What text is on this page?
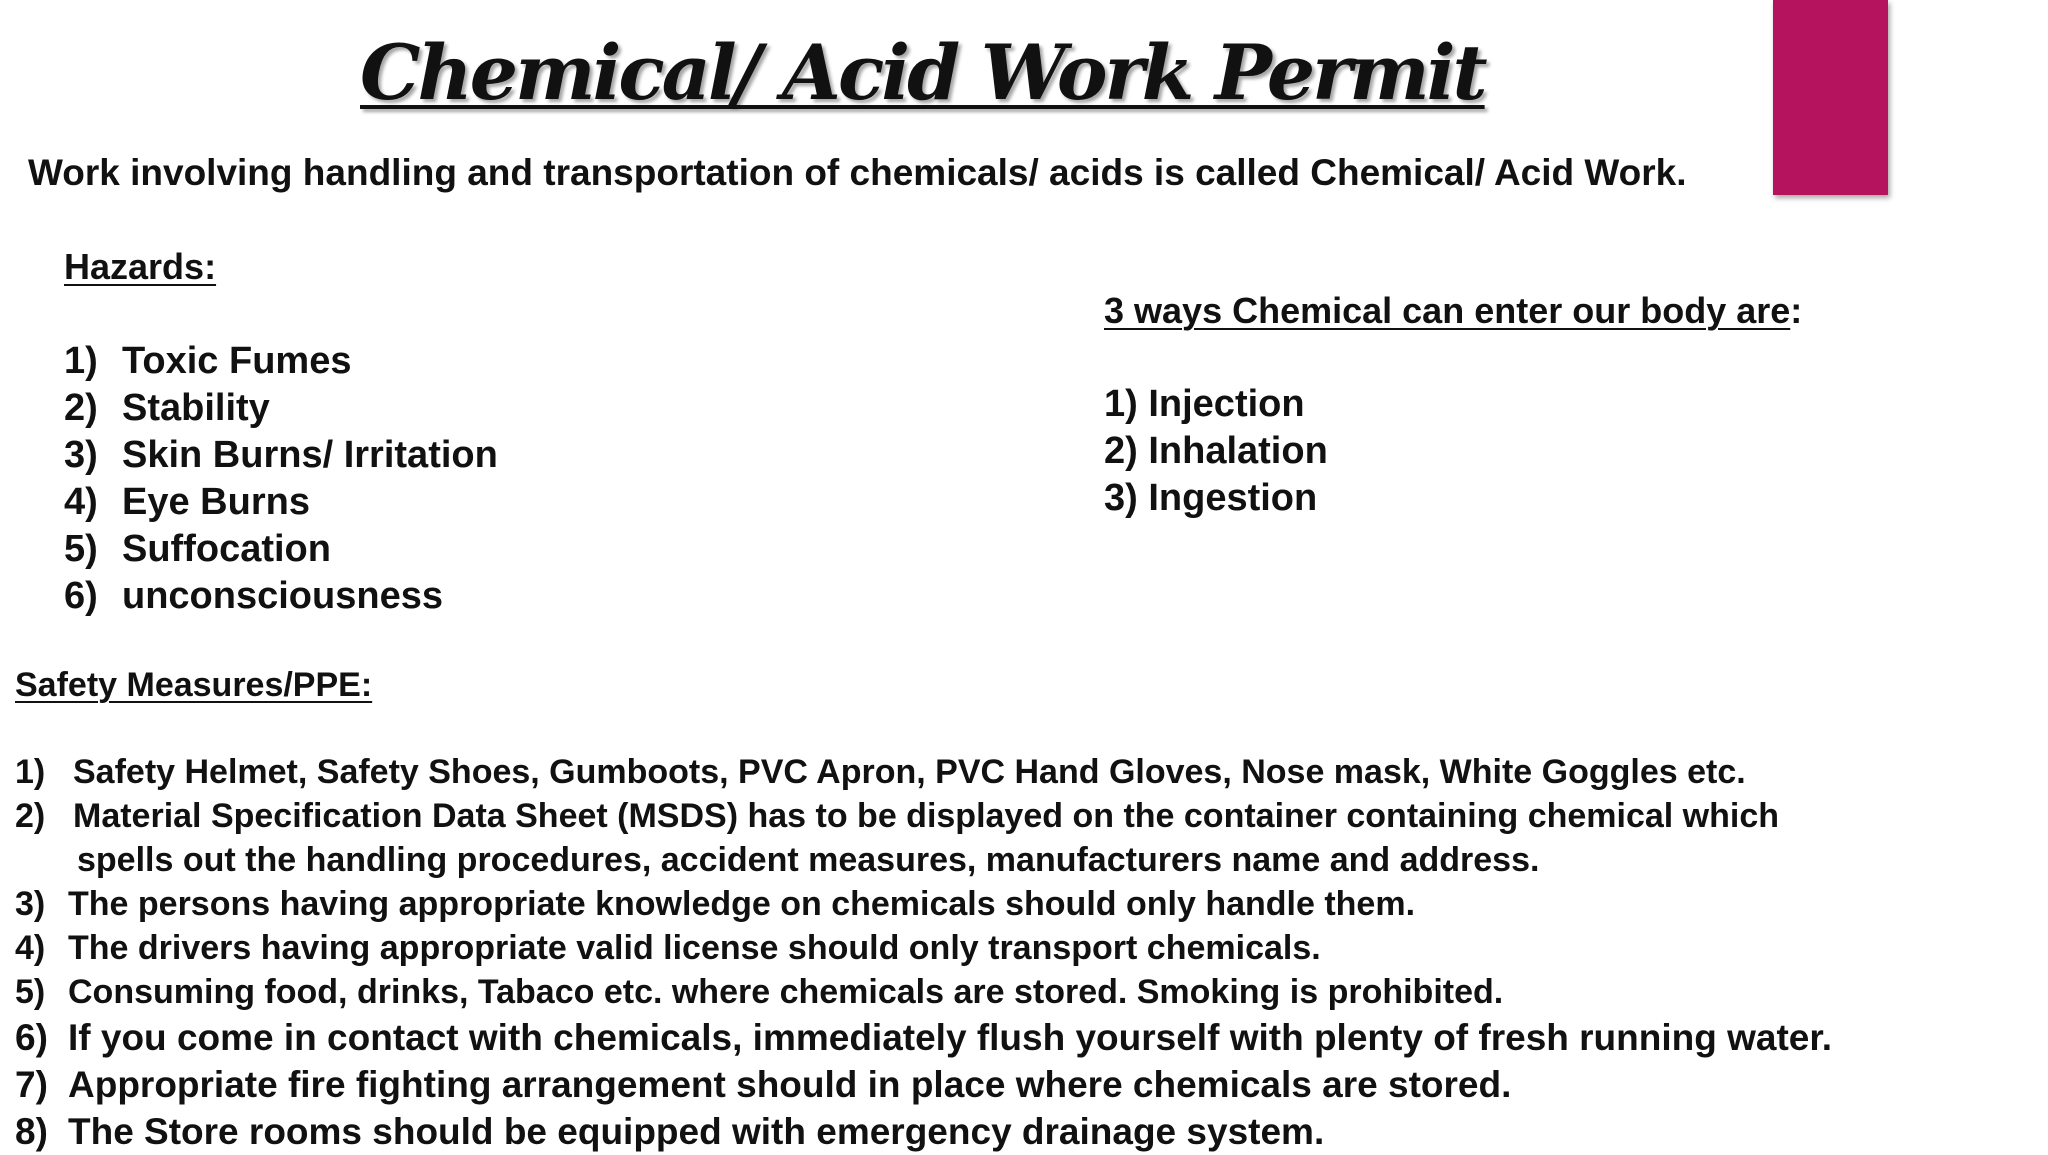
Chemical/ Acid Work Permit
Work involving handling and transportation of chemicals/ acids is called Chemical/ Acid Work.
Hazards:
1) Toxic Fumes
2) Stability
3) Skin Burns/ Irritation
4) Eye Burns
5) Suffocation
6) unconsciousness
3 ways Chemical can enter our body are:
1) Injection
2) Inhalation
3) Ingestion
Safety Measures/PPE:
1) Safety Helmet, Safety Shoes, Gumboots, PVC Apron, PVC Hand Gloves, Nose mask, White Goggles etc.
2) Material Specification Data Sheet (MSDS) has to be displayed on the container containing chemical which
spells out the handling procedures, accident measures, manufacturers name and address.
3) The persons having appropriate knowledge on chemicals should only handle them.
4) The drivers having appropriate valid license should only transport chemicals.
5) Consuming food, drinks, Tabaco etc. where chemicals are stored. Smoking is prohibited.
6) If you come in contact with chemicals, immediately flush yourself with plenty of fresh running water.
7) Appropriate fire fighting arrangement should in place where chemicals are stored.
8) The Store rooms should be equipped with emergency drainage system.
